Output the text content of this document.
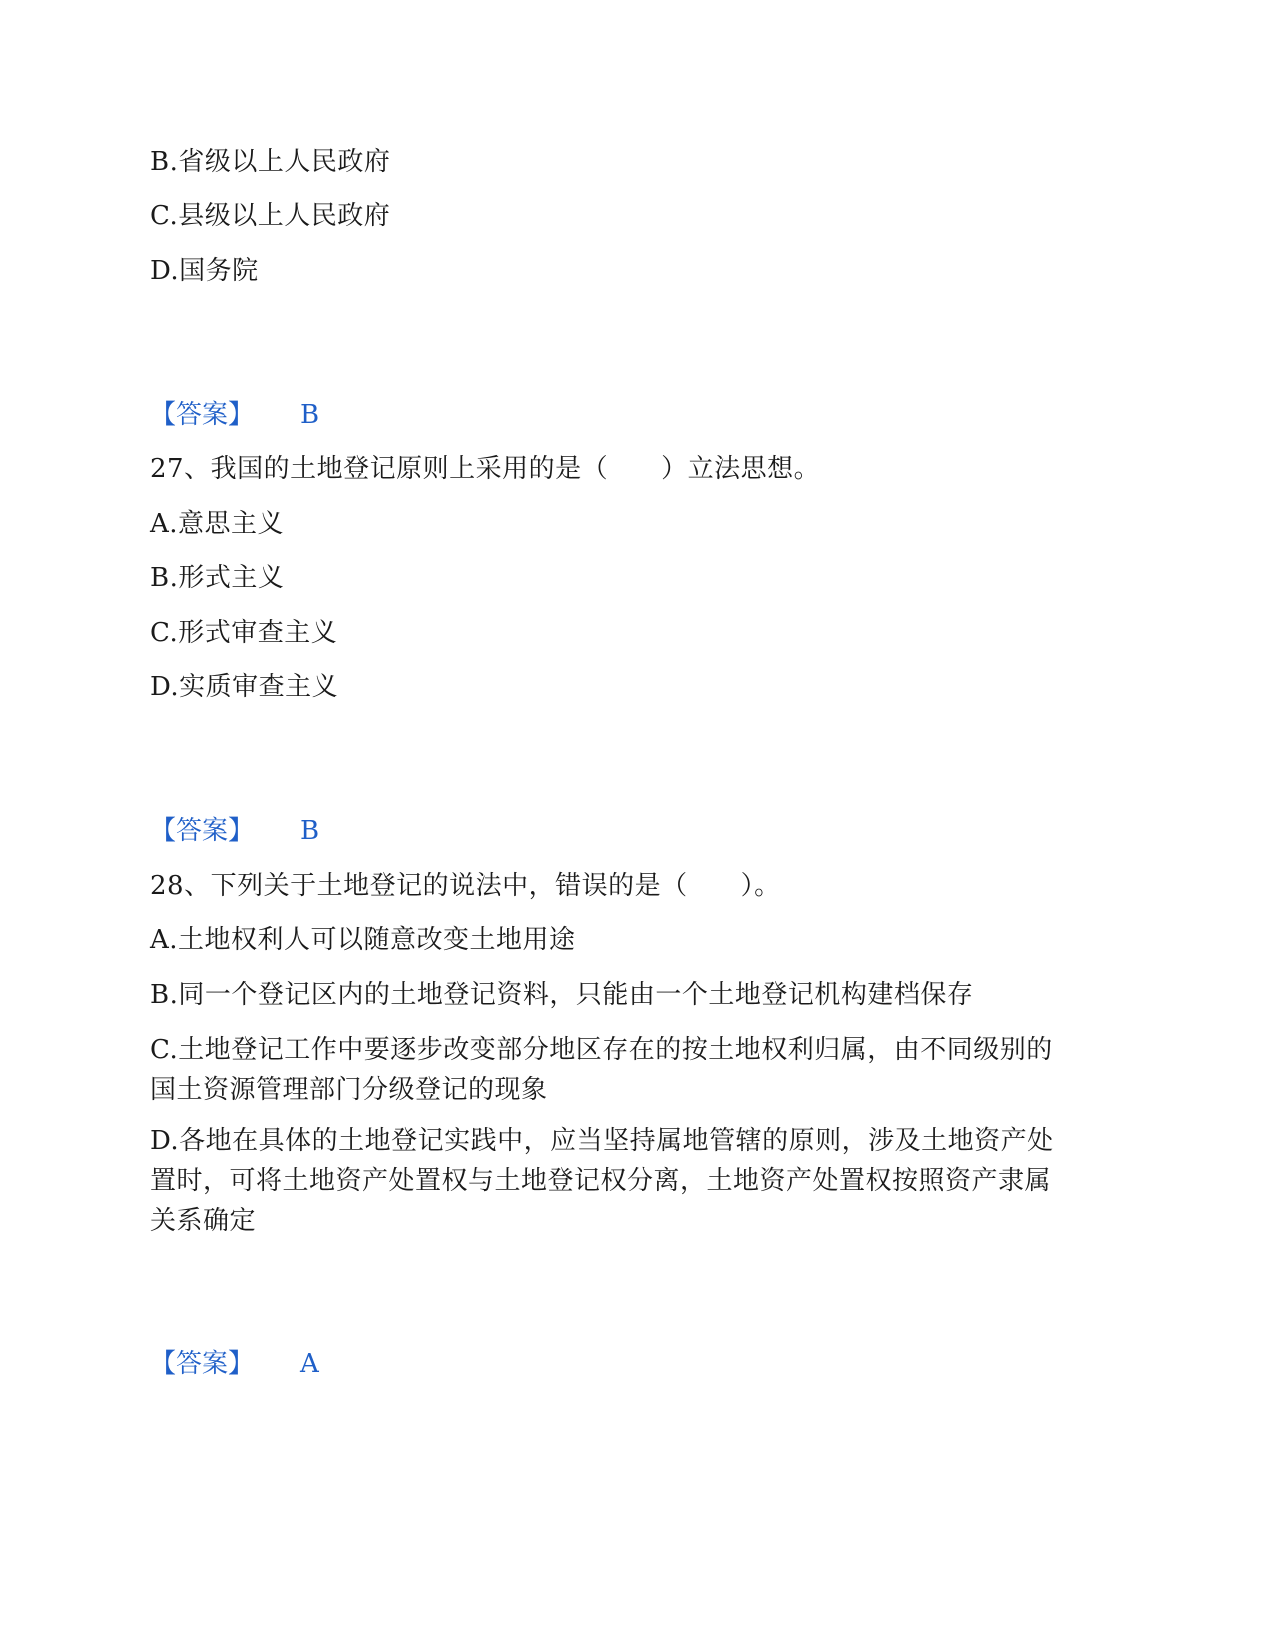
B.省级以上人民政府
C.县级以上人民政府
D.国务院
【答案】 B
27、我国的土地登记原则上采用的是（　　）立法思想。
A.意思主义
B.形式主义
C.形式审查主义
D.实质审查主义
【答案】 B
28、下列关于土地登记的说法中，错误的是（　　）。
A.土地权利人可以随意改变土地用途
B.同一个登记区内的土地登记资料，只能由一个土地登记机构建档保存
C.土地登记工作中要逐步改变部分地区存在的按土地权利归属，由不同级别的国土资源管理部门分级登记的现象
D.各地在具体的土地登记实践中，应当坚持属地管辖的原则，涉及土地资产处置时，可将土地资产处置权与土地登记权分离，土地资产处置权按照资产隶属关系确定
【答案】 A
